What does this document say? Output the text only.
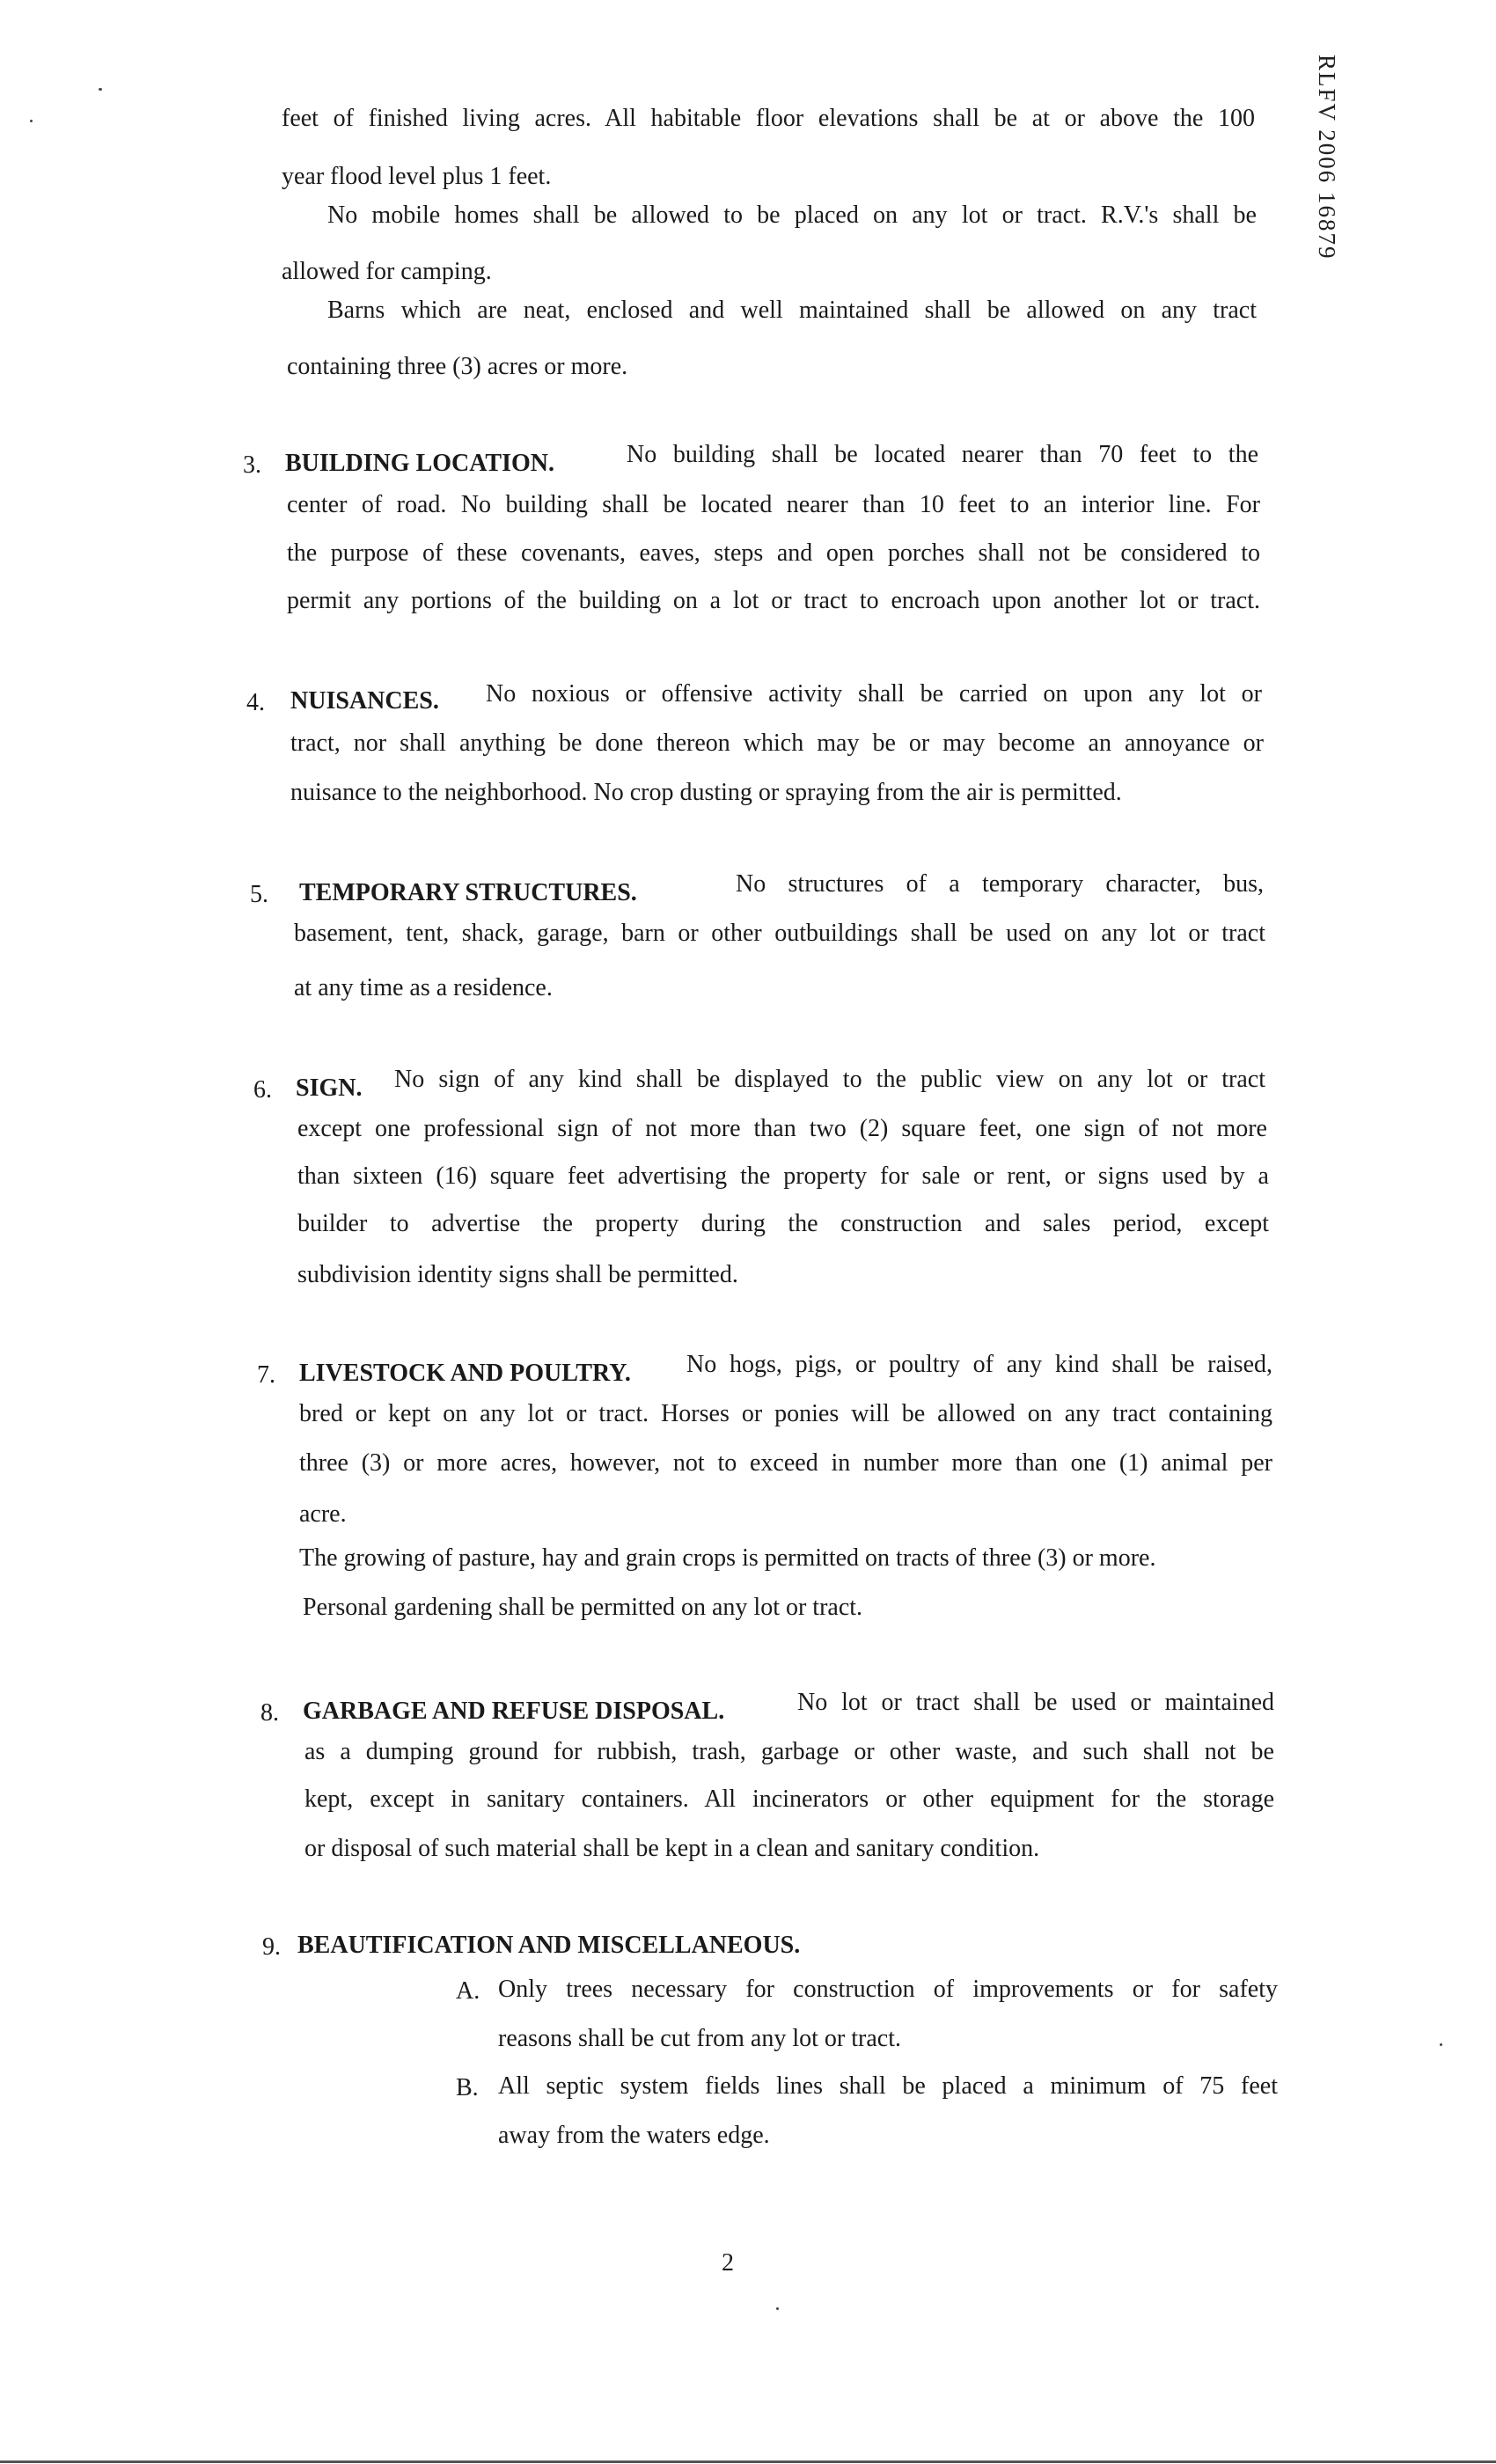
RLFV 2006 16879
feet of finished living acres. All habitable floor elevations shall be at or above the 100
year flood level plus 1 feet.
No mobile homes shall be allowed to be placed on any lot or tract. R.V.'s shall be
allowed for camping.
Barns which are neat, enclosed and well maintained shall be allowed on any tract
containing three (3) acres or more.
3. BUILDING LOCATION.	No building shall be located nearer than 70 feet to the
center of road. No building shall be located nearer than 10 feet to an interior line. For
the purpose of these covenants, eaves, steps and open porches shall not be considered to
permit any portions of the building on a lot or tract to encroach upon another lot or tract.
4. NUISANCES. No noxious or offensive activity shall be carried on upon any lot or
tract, nor shall anything be done thereon which may be or may become an annoyance or
nuisance to the neighborhood. No crop dusting or spraying from the air is permitted.
5. TEMPORARY STRUCTURES.	No structures of a temporary character, bus,
basement, tent, shack, garage, barn or other outbuildings shall be used on any lot or tract
at any time as a residence.
6. SIGN. No sign of any kind shall be displayed to the public view on any lot or tract
except one professional sign of not more than two (2) square feet, one sign of not more
than sixteen (16) square feet advertising the property for sale or rent, or signs used by a
builder to advertise the property during the construction and sales period, except
subdivision identity signs shall be permitted.
7. LIVESTOCK AND POULTRY. No hogs, pigs, or poultry of any kind shall be raised,
bred or kept on any lot or tract. Horses or ponies will be allowed on any tract containing
three (3) or more acres, however, not to exceed in number more than one (1) animal per
acre.
The growing of pasture, hay and grain crops is permitted on tracts of three (3) or more.
Personal gardening shall be permitted on any lot or tract.
8. GARBAGE AND REFUSE DISPOSAL.	No lot or tract shall be used or maintained
as a dumping ground for rubbish, trash, garbage or other waste, and such shall not be
kept, except in sanitary containers. All incinerators or other equipment for the storage
or disposal of such material shall be kept in a clean and sanitary condition.
9. BEAUTIFICATION AND MISCELLANEOUS.
A. Only trees necessary for construction of improvements or for safety
reasons shall be cut from any lot or tract.
B. All septic system fields lines shall be placed a minimum of 75 feet
away from the waters edge.
2
